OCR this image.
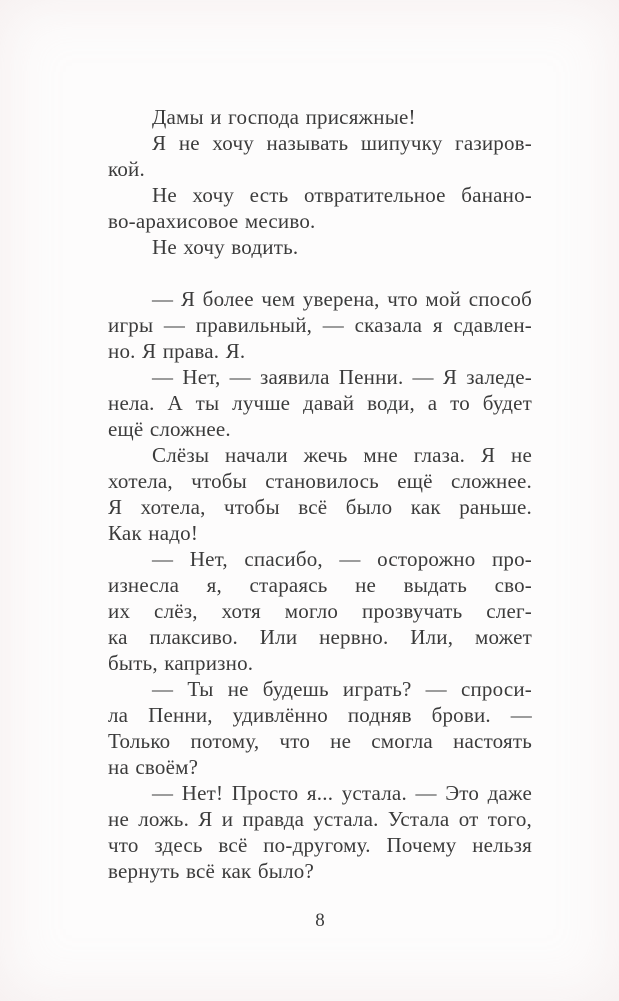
Дамы и господа присяжные!
Я не хочу называть шипучку газиров-
кой.
Не хочу есть отвратительное банано-
во-арахисовое месиво.
Не хочу водить.
— Я более чем уверена, что мой способ
игры — правильный, — сказала я сдавлен-
но. Я права. Я.
— Нет, — заявила Пенни. — Я заледе-
нела. А ты лучше давай води, а то будет
ещё сложнее.
Слёзы начали жечь мне глаза. Я не
хотела, чтобы становилось ещё сложнее.
Я хотела, чтобы всё было как раньше.
Как надо!
— Нет, спасибо, — осторожно про-
изнесла я, стараясь не выдать сво-
их слёз, хотя могло прозвучать слег-
ка плаксиво. Или нервно. Или, может
быть, капризно.
— Ты не будешь играть? — спроси-
ла Пенни, удивлённо подняв брови. —
Только потому, что не смогла настоять
на своём?
— Нет! Просто я... устала. — Это даже
не ложь. Я и правда устала. Устала от того,
что здесь всё по-другому. Почему нельзя
вернуть всё как было?
8
